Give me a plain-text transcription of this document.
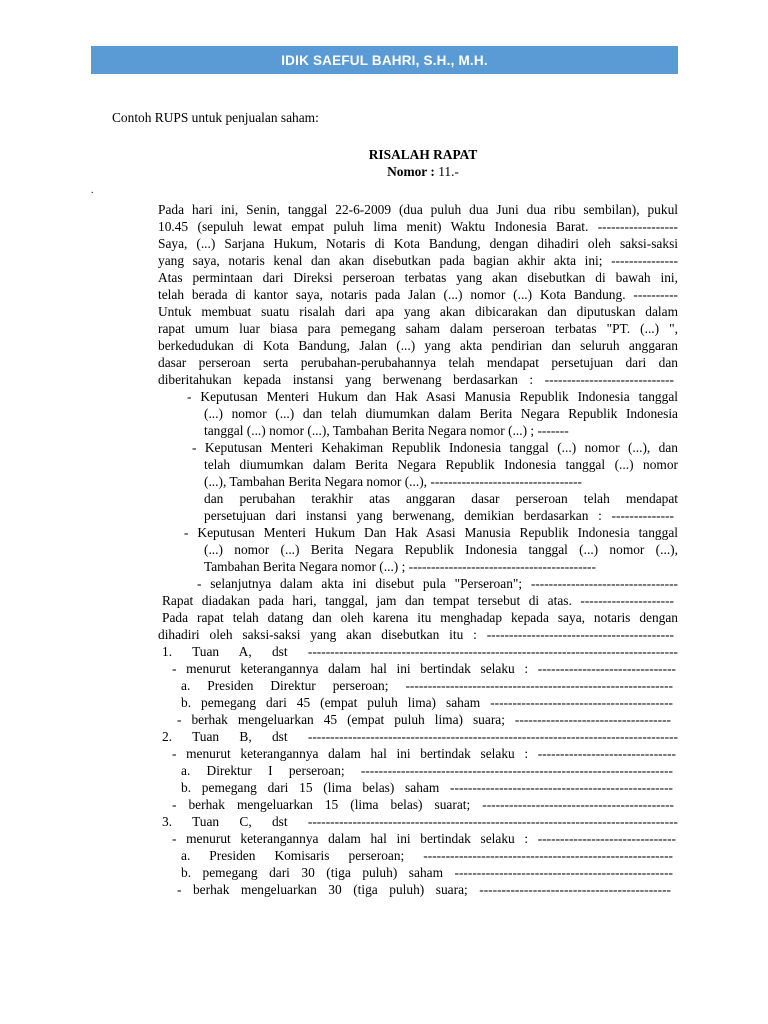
IDIK SAEFUL BAHRI, S.H., M.H.
Contoh RUPS untuk penjualan saham:
RISALAH RAPAT
Nomor : 11.-
.
Pada hari ini, Senin, tanggal 22-6-2009 (dua puluh dua Juni dua ribu sembilan), pukul
10.45 (sepuluh lewat empat puluh lima menit) Waktu Indonesia Barat. ------------------
Saya, (...) Sarjana Hukum, Notaris di Kota Bandung, dengan dihadiri oleh saksi-saksi
yang saya, notaris kenal dan akan disebutkan pada bagian akhir akta ini; ---------------
Atas permintaan dari Direksi perseroan terbatas yang akan disebutkan di bawah ini,
telah berada di kantor saya, notaris pada Jalan (...) nomor (...) Kota Bandung. ----------
Untuk membuat suatu risalah dari apa yang akan dibicarakan dan diputuskan dalam
rapat umum luar biasa para pemegang saham dalam perseroan terbatas "PT. (...) ",
berkedudukan di Kota Bandung, Jalan (...) yang akta pendirian dan seluruh anggaran
dasar perseroan serta perubahan-perubahannya telah mendapat persetujuan dari dan
diberitahukan kepada instansi yang berwenang berdasarkan : -----------------------------
- Keputusan Menteri Hukum dan Hak Asasi Manusia Republik Indonesia tanggal
(...) nomor (...) dan telah diumumkan dalam Berita Negara Republik Indonesia
tanggal (...) nomor (...), Tambahan Berita Negara nomor (...) ; -------
- Keputusan Menteri Kehakiman Republik Indonesia tanggal (...) nomor (...), dan
telah diumumkan dalam Berita Negara Republik Indonesia tanggal (...) nomor
(...), Tambahan Berita Negara nomor (...), ----------------------------------
dan perubahan terakhir atas anggaran dasar perseroan telah mendapat
persetujuan dari instansi yang berwenang, demikian berdasarkan : --------------
- Keputusan Menteri Hukum Dan Hak Asasi Manusia Republik Indonesia tanggal
(...) nomor (...) Berita Negara Republik Indonesia tanggal (...) nomor (...),
Tambahan Berita Negara nomor (...) ; ------------------------------------------
- selanjutnya dalam akta ini disebut pula "Perseroan"; ---------------------------------
Rapat diadakan pada hari, tanggal, jam dan tempat tersebut di atas. ---------------------
Pada rapat telah datang dan oleh karena itu menghadap kepada saya, notaris dengan
dihadiri oleh saksi-saksi yang akan disebutkan itu : ------------------------------------------
1. Tuan A, dst -----------------------------------------------------------------------------------
- menurut keterangannya dalam hal ini bertindak selaku : -------------------------------
a. Presiden Direktur perseroan; ------------------------------------------------------------
b. pemegang dari 45 (empat puluh lima) saham -----------------------------------------
- berhak mengeluarkan 45 (empat puluh lima) suara; -----------------------------------
2. Tuan B, dst -----------------------------------------------------------------------------------
- menurut keterangannya dalam hal ini bertindak selaku : -------------------------------
a. Direktur I perseroan; ----------------------------------------------------------------------
b. pemegang dari 15 (lima belas) saham --------------------------------------------------
- berhak mengeluarkan 15 (lima belas) suarat; -------------------------------------------
3. Tuan C, dst -----------------------------------------------------------------------------------
- menurut keterangannya dalam hal ini bertindak selaku : -------------------------------
a. Presiden Komisaris perseroan; --------------------------------------------------------
b. pemegang dari 30 (tiga puluh) saham -------------------------------------------------
- berhak mengeluarkan 30 (tiga puluh) suara; -------------------------------------------
